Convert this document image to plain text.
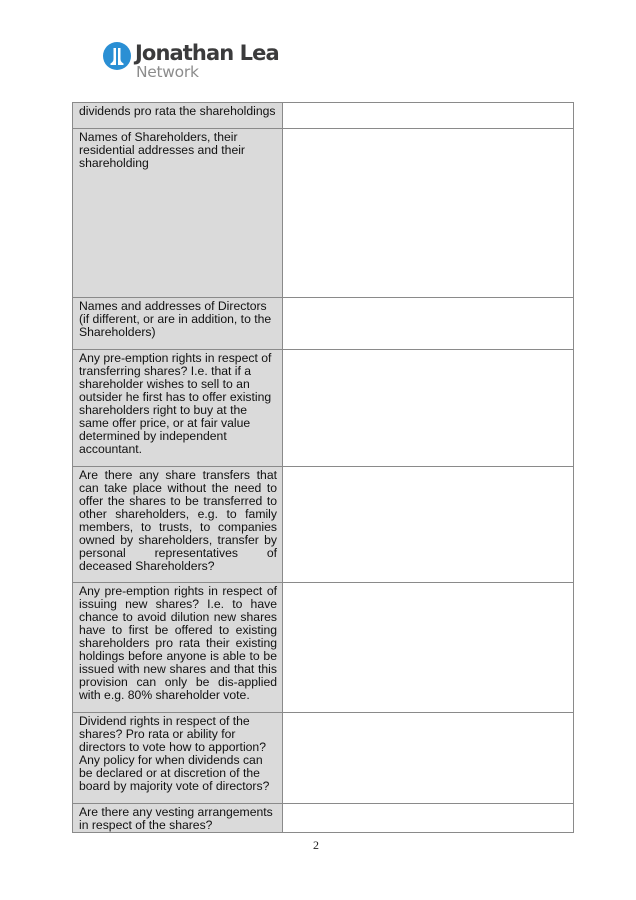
Jonathan Lea
Network
dividends pro rata the shareholdings	
Names of Shareholders, their residential addresses and their shareholding	
Names and addresses of Directors (if different, or are in addition, to the Shareholders)	
Any pre-emption rights in respect of transferring shares? I.e. that if a shareholder wishes to sell to an outsider he first has to offer existing shareholders right to buy at the same offer price, or at fair value determined by independent accountant.	
Are there any share transfers that can take place without the need to offer the shares to be transferred to other shareholders, e.g. to family members, to trusts, to companies owned by shareholders, transfer by personal representatives of deceased Shareholders?	
Any pre-emption rights in respect of issuing new shares? I.e. to have chance to avoid dilution new shares have to first be offered to existing shareholders pro rata their existing holdings before anyone is able to be issued with new shares and that this provision can only be dis-applied with e.g. 80% shareholder vote.	
Dividend rights in respect of the shares? Pro rata or ability for directors to vote how to apportion? Any policy for when dividends can be declared or at discretion of the board by majority vote of directors?	
Are there any vesting arrangements in respect of the shares?	
2
